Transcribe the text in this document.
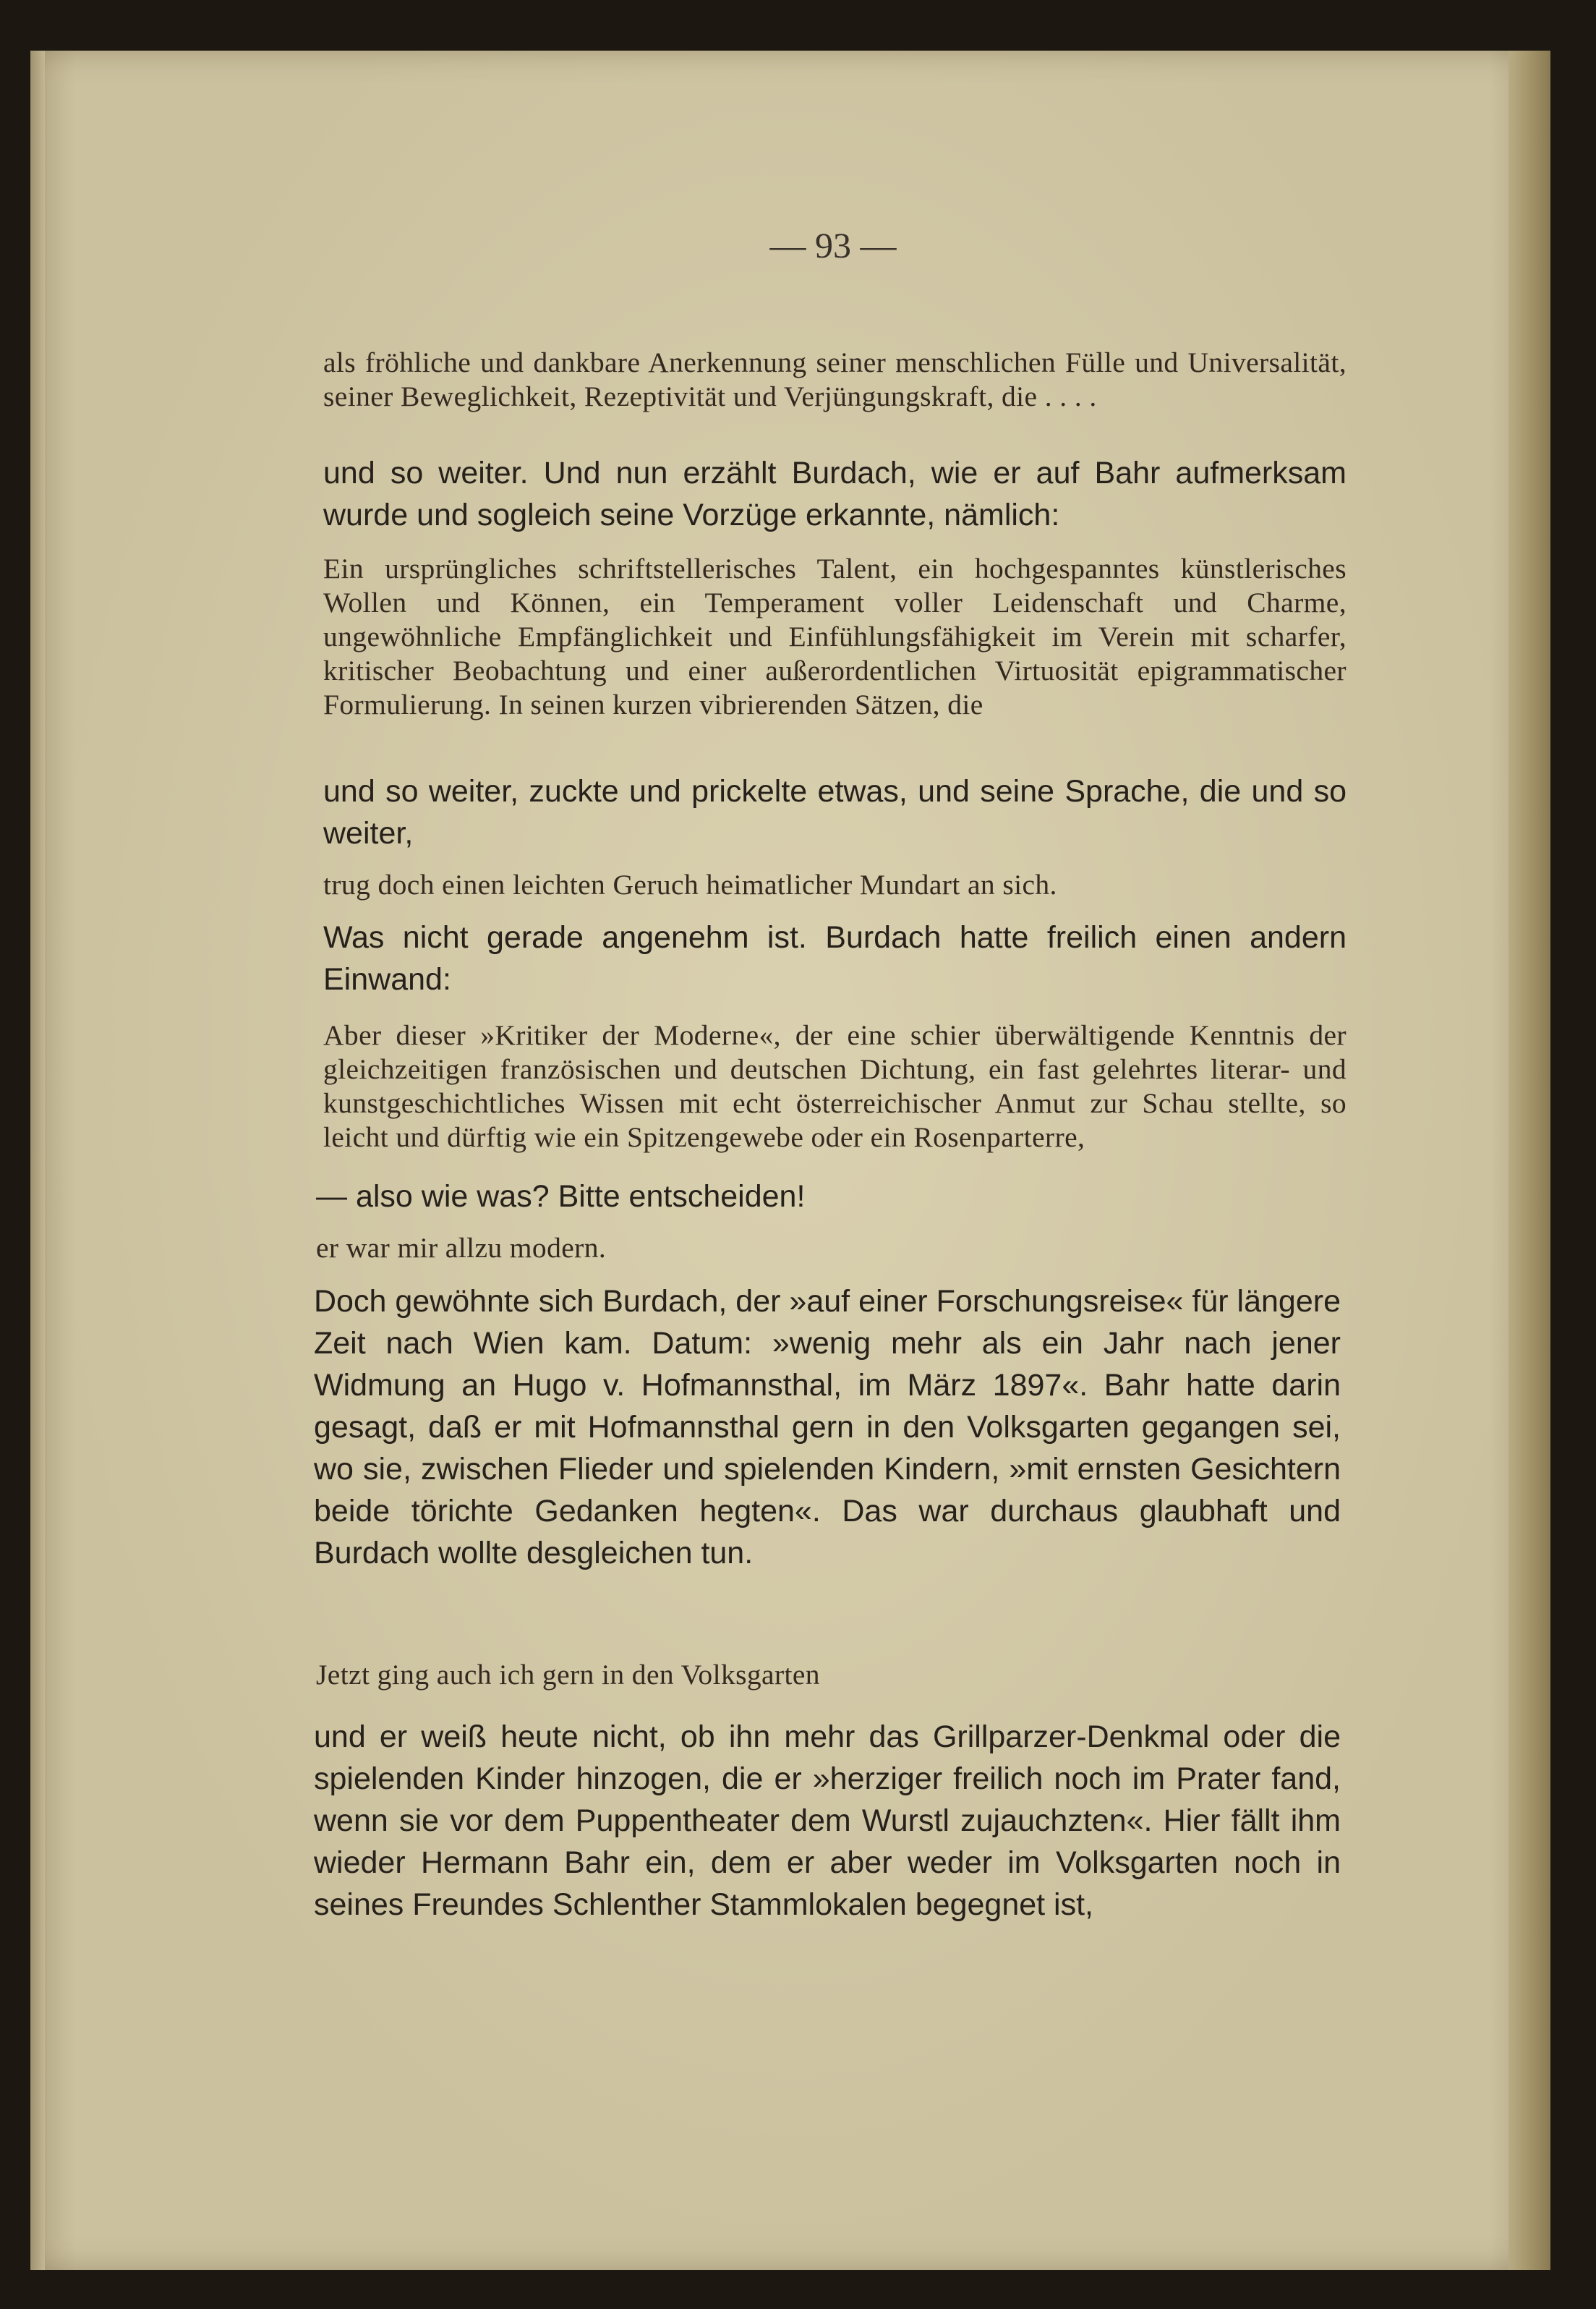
— 93 —

als fröhliche und dankbare Anerkennung seiner menschlichen Fülle und Universalität, seiner Beweglichkeit, Rezeptivität und Verjüngungskraft, die . . . .

und so weiter. Und nun erzählt Burdach, wie er auf Bahr aufmerksam wurde und sogleich seine Vorzüge erkannte, nämlich:

Ein ursprüngliches schriftstellerisches Talent, ein hochgespanntes künstlerisches Wollen und Können, ein Temperament voller Leidenschaft und Charme, ungewöhnliche Empfänglichkeit und Einfühlungsfähigkeit im Verein mit scharfer, kritischer Beobachtung und einer außerordentlichen Virtuosität epigrammatischer Formulierung. In seinen kurzen vibrierenden Sätzen, die

und so weiter, zuckte und prickelte etwas, und seine Sprache, die und so weiter,

trug doch einen leichten Geruch heimatlicher Mundart an sich.

Was nicht gerade angenehm ist. Burdach hatte freilich einen andern Einwand:

Aber dieser »Kritiker der Moderne«, der eine schier überwältigende Kenntnis der gleichzeitigen französischen und deutschen Dichtung, ein fast gelehrtes literar- und kunstgeschichtliches Wissen mit echt österreichischer Anmut zur Schau stellte, so leicht und dürftig wie ein Spitzengewebe oder ein Rosenparterre,

— also wie was? Bitte entscheiden!

er war mir allzu modern.

Doch gewöhnte sich Burdach, der »auf einer Forschungsreise« für längere Zeit nach Wien kam. Datum: »wenig mehr als ein Jahr nach jener Widmung an Hugo v. Hofmannsthal, im März 1897«. Bahr hatte darin gesagt, daß er mit Hofmannsthal gern in den Volksgarten gegangen sei, wo sie, zwischen Flieder und spielenden Kindern, »mit ernsten Gesichtern beide törichte Gedanken hegten«. Das war durchaus glaubhaft und Burdach wollte desgleichen tun.

Jetzt ging auch ich gern in den Volksgarten

und er weiß heute nicht, ob ihn mehr das Grillparzer-Denkmal oder die spielenden Kinder hinzogen, die er »herziger freilich noch im Prater fand, wenn sie vor dem Puppentheater dem Wurstl zujauchzten«. Hier fällt ihm wieder Hermann Bahr ein, dem er aber weder im Volksgarten noch in seines Freundes Schlenther Stammlokalen begegnet ist,
